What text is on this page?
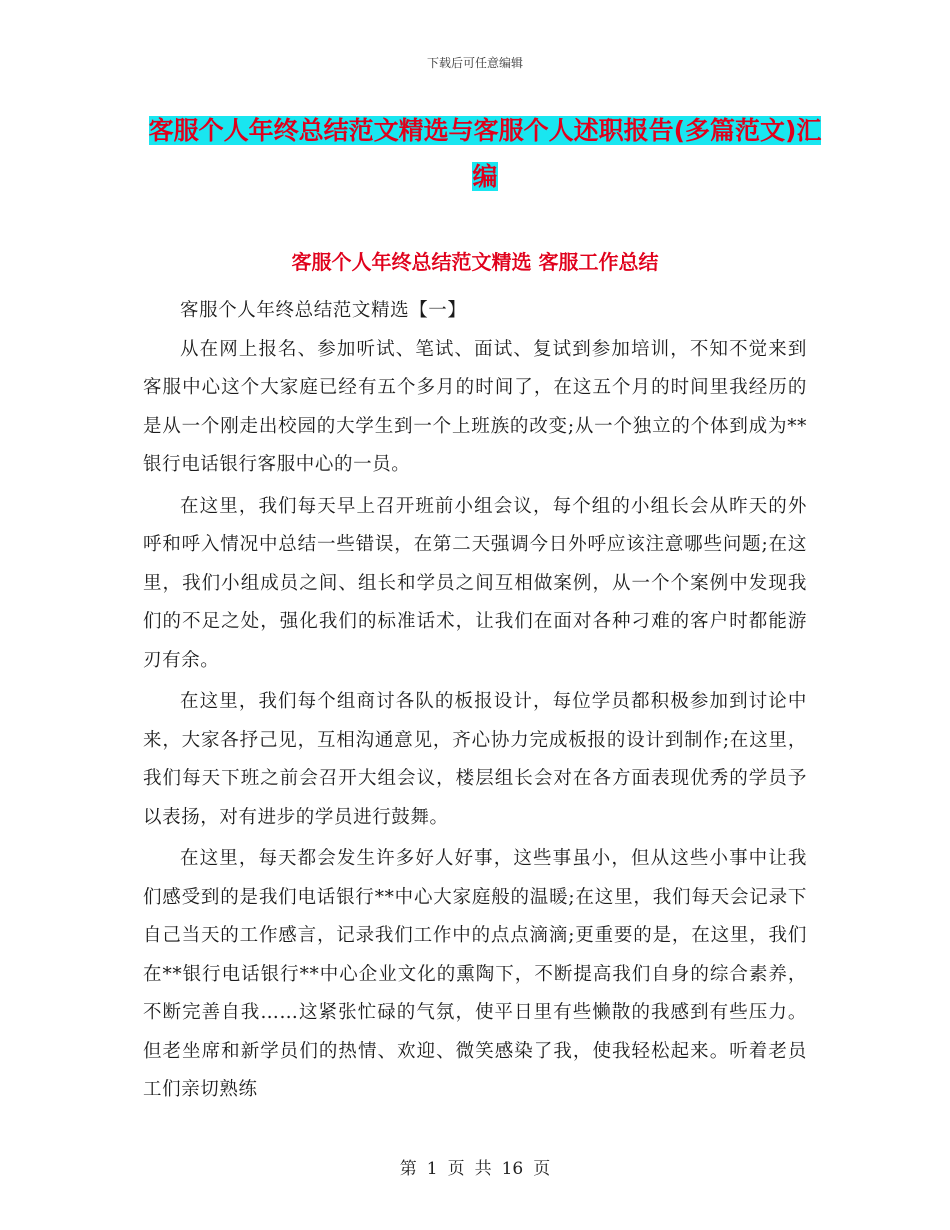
下载后可任意编辑
客服个人年终总结范文精选与客服个人述职报告(多篇范文)汇编
客服个人年终总结范文精选 客服工作总结

客服个人年终总结范文精选【一】

从在网上报名、参加听试、笔试、面试、复试到参加培训，不知不觉来到客服中心这个大家庭已经有五个多月的时间了，在这五个月的时间里我经历的是从一个刚走出校园的大学生到一个上班族的改变;从一个独立的个体到成为**银行电话银行客服中心的一员。

在这里，我们每天早上召开班前小组会议，每个组的小组长会从昨天的外呼和呼入情况中总结一些错误，在第二天强调今日外呼应该注意哪些问题;在这里，我们小组成员之间、组长和学员之间互相做案例，从一个个案例中发现我们的不足之处，强化我们的标准话术，让我们在面对各种刁难的客户时都能游刃有余。

在这里，我们每个组商讨各队的板报设计，每位学员都积极参加到讨论中来，大家各抒己见，互相沟通意见，齐心协力完成板报的设计到制作;在这里，我们每天下班之前会召开大组会议，楼层组长会对在各方面表现优秀的学员予以表扬，对有进步的学员进行鼓舞。

在这里，每天都会发生许多好人好事，这些事虽小，但从这些小事中让我们感受到的是我们电话银行**中心大家庭般的温暖;在这里，我们每天会记录下自己当天的工作感言，记录我们工作中的点点滴滴;更重要的是，在这里，我们在**银行电话银行**中心企业文化的熏陶下，不断提高我们自身的综合素养，不断完善自我……这紧张忙碌的气氛，使平日里有些懒散的我感到有些压力。但老坐席和新学员们的热情、欢迎、微笑感染了我，使我轻松起来。听着老员工们亲切熟练

第 1 页 共 16 页
